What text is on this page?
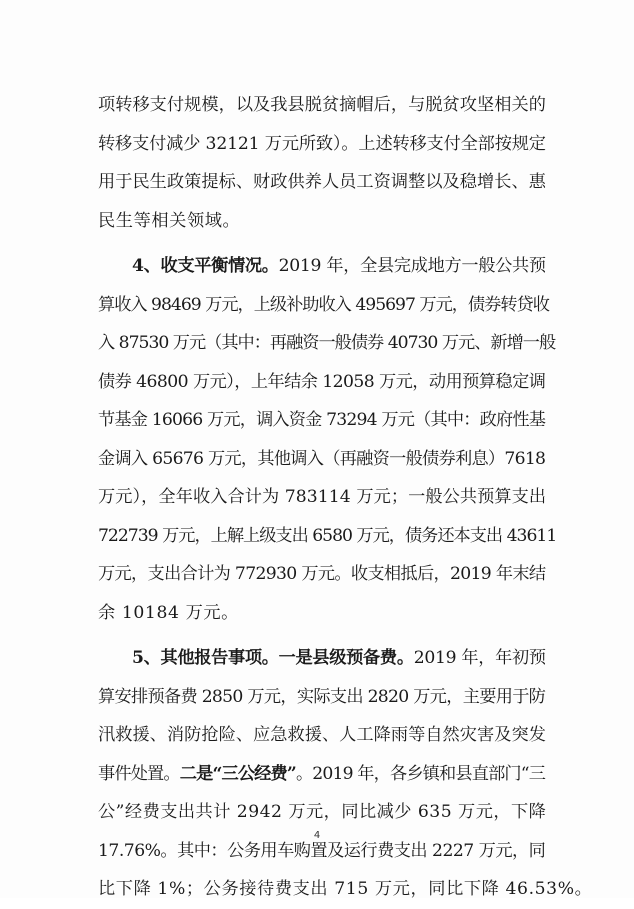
项转移支付规模，以及我县脱贫摘帽后，与脱贫攻坚相关的
转移支付减少 32121 万元所致）。上述转移支付全部按规定
用于民生政策提标、财政供养人员工资调整以及稳增长、惠
民生等相关领域。
4、收支平衡情况。2019 年，全县完成地方一般公共预
算收入 98469 万元，上级补助收入 495697 万元，债券转贷收
入 87530 万元（其中：再融资一般债券 40730 万元、新增一般
债券 46800 万元），上年结余 12058 万元，动用预算稳定调
节基金 16066 万元，调入资金 73294 万元（其中：政府性基
金调入 65676 万元，其他调入（再融资一般债券利息）7618
万元），全年收入合计为 783114 万元；一般公共预算支出
722739 万元，上解上级支出 6580 万元，债务还本支出 43611
万元，支出合计为 772930 万元。收支相抵后，2019 年末结
余 10184 万元。
5、其他报告事项。一是县级预备费。2019 年，年初预
算安排预备费 2850 万元，实际支出 2820 万元，主要用于防
汛救援、消防抢险、应急救援、人工降雨等自然灾害及突发
事件处置。二是“三公经费”。2019 年，各乡镇和县直部门“三
公”经费支出共计 2942 万元，同比减少 635 万元，下降
17.76%。其中：公务用车购置及运行费支出 2227 万元，同
比下降 1%；公务接待费支出 715 万元，同比下降 46.53%。
4
